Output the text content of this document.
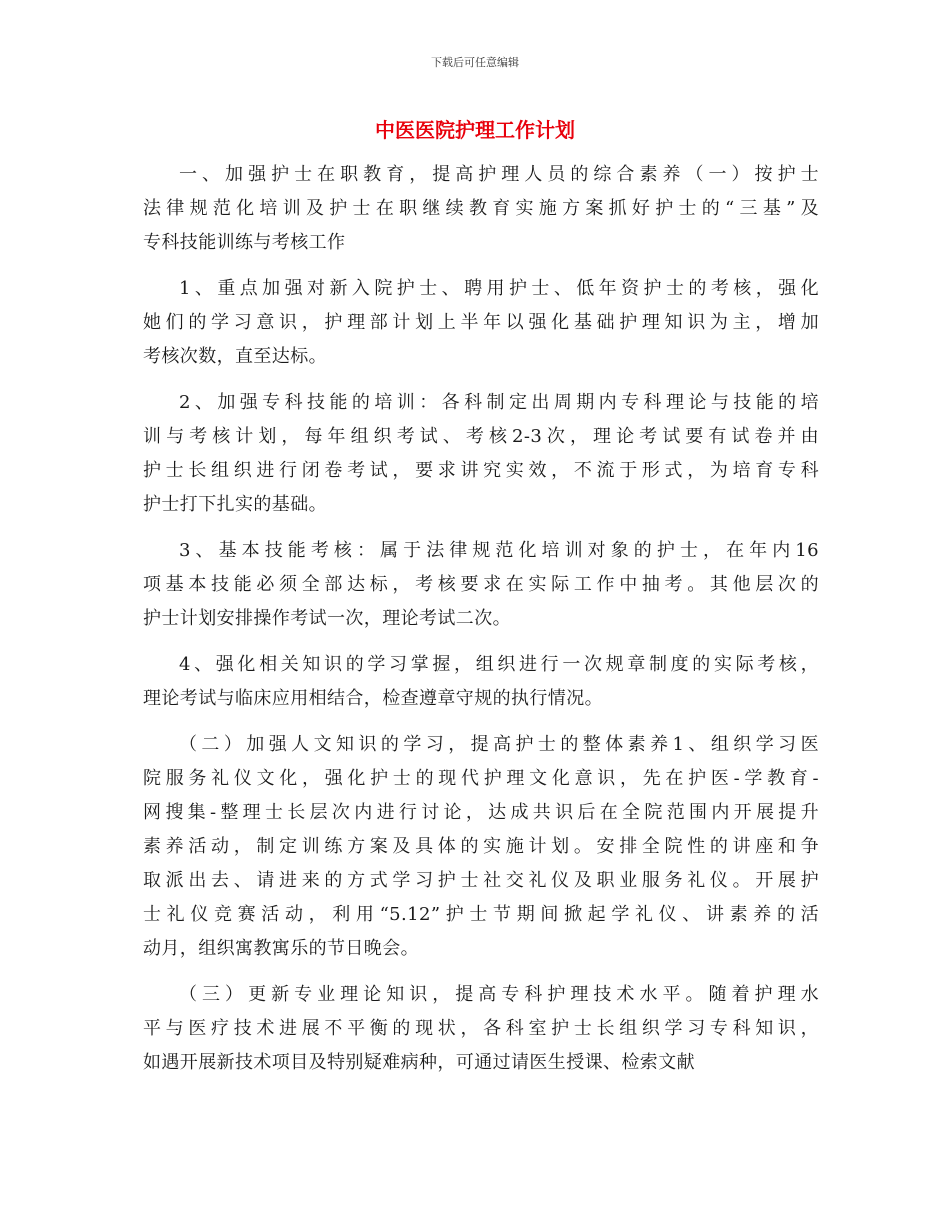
下载后可任意编辑
中医医院护理工作计划
一、加强护士在职教育，提高护理人员的综合素养（一）按护士
法律规范化培训及护士在职继续教育实施方案抓好护士的“三基”及
专科技能训练与考核工作
1、重点加强对新入院护士、聘用护士、低年资护士的考核，强化
她们的学习意识，护理部计划上半年以强化基础护理知识为主，增加
考核次数，直至达标。
2、加强专科技能的培训：各科制定出周期内专科理论与技能的培
训与考核计划，每年组织考试、考核2-3次，理论考试要有试卷并由
护士长组织进行闭卷考试，要求讲究实效，不流于形式，为培育专科
护士打下扎实的基础。
3、基本技能考核：属于法律规范化培训对象的护士，在年内16
项基本技能必须全部达标，考核要求在实际工作中抽考。其他层次的
护士计划安排操作考试一次，理论考试二次。
4、强化相关知识的学习掌握，组织进行一次规章制度的实际考核，
理论考试与临床应用相结合，检查遵章守规的执行情况。
（二）加强人文知识的学习，提高护士的整体素养1、组织学习医
院服务礼仪文化，强化护士的现代护理文化意识，先在护医-学教育-
网搜集-整理士长层次内进行讨论，达成共识后在全院范围内开展提升
素养活动，制定训练方案及具体的实施计划。安排全院性的讲座和争
取派出去、请进来的方式学习护士社交礼仪及职业服务礼仪。开展护
士礼仪竞赛活动，利用“5.12”护士节期间掀起学礼仪、讲素养的活
动月，组织寓教寓乐的节日晚会。
（三）更新专业理论知识，提高专科护理技术水平。随着护理水
平与医疗技术进展不平衡的现状，各科室护士长组织学习专科知识，
如遇开展新技术项目及特别疑难病种，可通过请医生授课、检索文献
